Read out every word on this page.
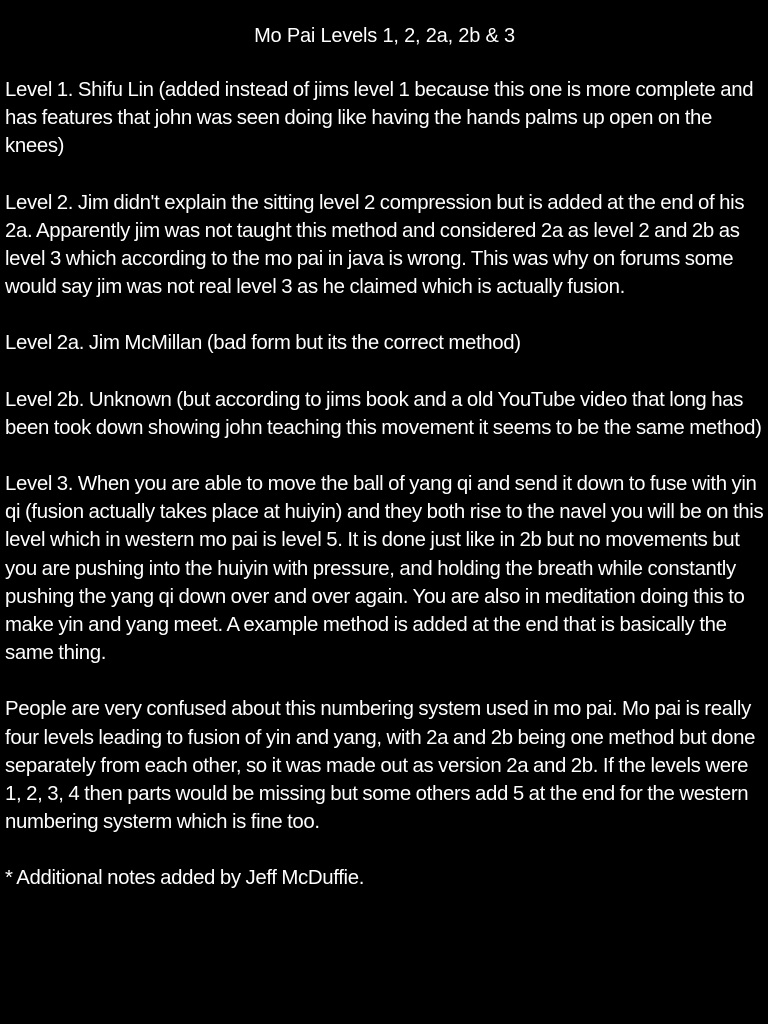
Mo Pai Levels 1, 2, 2a, 2b & 3
Level 1. Shifu Lin (added instead of jims level 1 because this one is more complete and has features that john was seen doing like having the hands palms up open on the knees)
Level 2. Jim didn't explain the sitting level 2 compression but is added at the end of his 2a. Apparently jim was not taught this method and considered 2a as level 2 and 2b as level 3 which according to the mo pai in java is wrong. This was why on forums some would say jim was not real level 3 as he claimed which is actually fusion.
Level 2a. Jim McMillan (bad form but its the correct method)
Level 2b. Unknown (but according to jims book and a old YouTube video that long has been took down showing john teaching this movement it seems to be the same method)
Level 3. When you are able to move the ball of yang qi and send it down to fuse with yin qi (fusion actually takes place at huiyin) and they both rise to the navel you will be on this level which in western mo pai is level 5. It is done just like in 2b but no movements but you are pushing into the huiyin with pressure, and holding the breath while constantly pushing the yang qi down over and over again. You are also in meditation doing this to make yin and yang meet. A example method is added at the end that is basically the same thing.
People are very confused about this numbering system used in mo pai. Mo pai is really four levels leading to fusion of yin and yang, with 2a and 2b being one method but done separately from each other, so it was made out as version 2a and 2b. If the levels were 1, 2, 3, 4 then parts would be missing but some others add 5 at the end for the western numbering systerm which is fine too.
* Additional notes added by Jeff McDuffie.
